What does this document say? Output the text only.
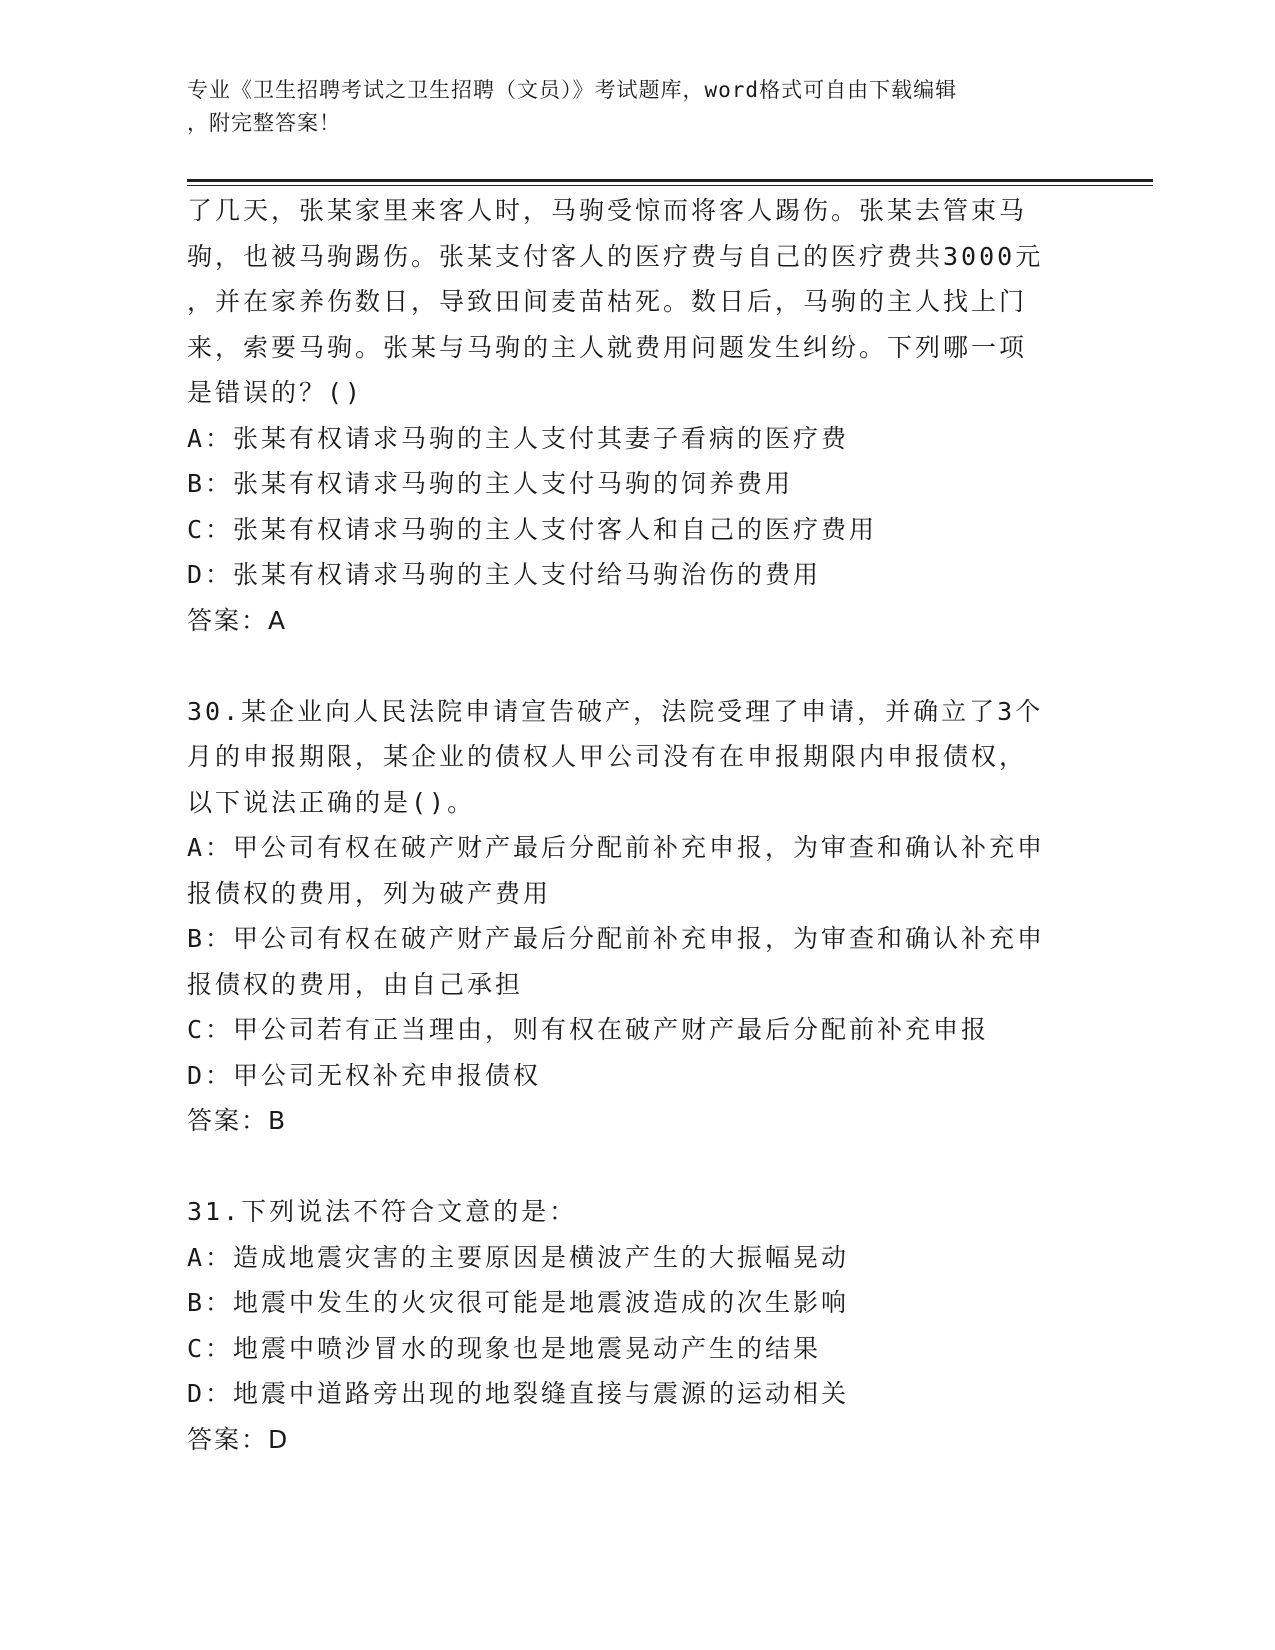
专业《卫生招聘考试之卫生招聘（文员）》考试题库，word格式可自由下载编辑
，附完整答案！
了几天，张某家里来客人时，马驹受惊而将客人踢伤。张某去管束马
驹，也被马驹踢伤。张某支付客人的医疗费与自己的医疗费共3000元
，并在家养伤数日，导致田间麦苗枯死。数日后，马驹的主人找上门
来，索要马驹。张某与马驹的主人就费用问题发生纠纷。下列哪一项
是错误的？()
A：张某有权请求马驹的主人支付其妻子看病的医疗费
B：张某有权请求马驹的主人支付马驹的饲养费用
C：张某有权请求马驹的主人支付客人和自己的医疗费用
D：张某有权请求马驹的主人支付给马驹治伤的费用
答案：A
30.某企业向人民法院申请宣告破产，法院受理了申请，并确立了3个
月的申报期限，某企业的债权人甲公司没有在申报期限内申报债权，
以下说法正确的是()。
A：甲公司有权在破产财产最后分配前补充申报，为审查和确认补充申
报债权的费用，列为破产费用
B：甲公司有权在破产财产最后分配前补充申报，为审查和确认补充申
报债权的费用，由自己承担
C：甲公司若有正当理由，则有权在破产财产最后分配前补充申报
D：甲公司无权补充申报债权
答案：B
31.下列说法不符合文意的是：
A：造成地震灾害的主要原因是横波产生的大振幅晃动
B：地震中发生的火灾很可能是地震波造成的次生影响
C：地震中喷沙冒水的现象也是地震晃动产生的结果
D：地震中道路旁出现的地裂缝直接与震源的运动相关
答案：D
